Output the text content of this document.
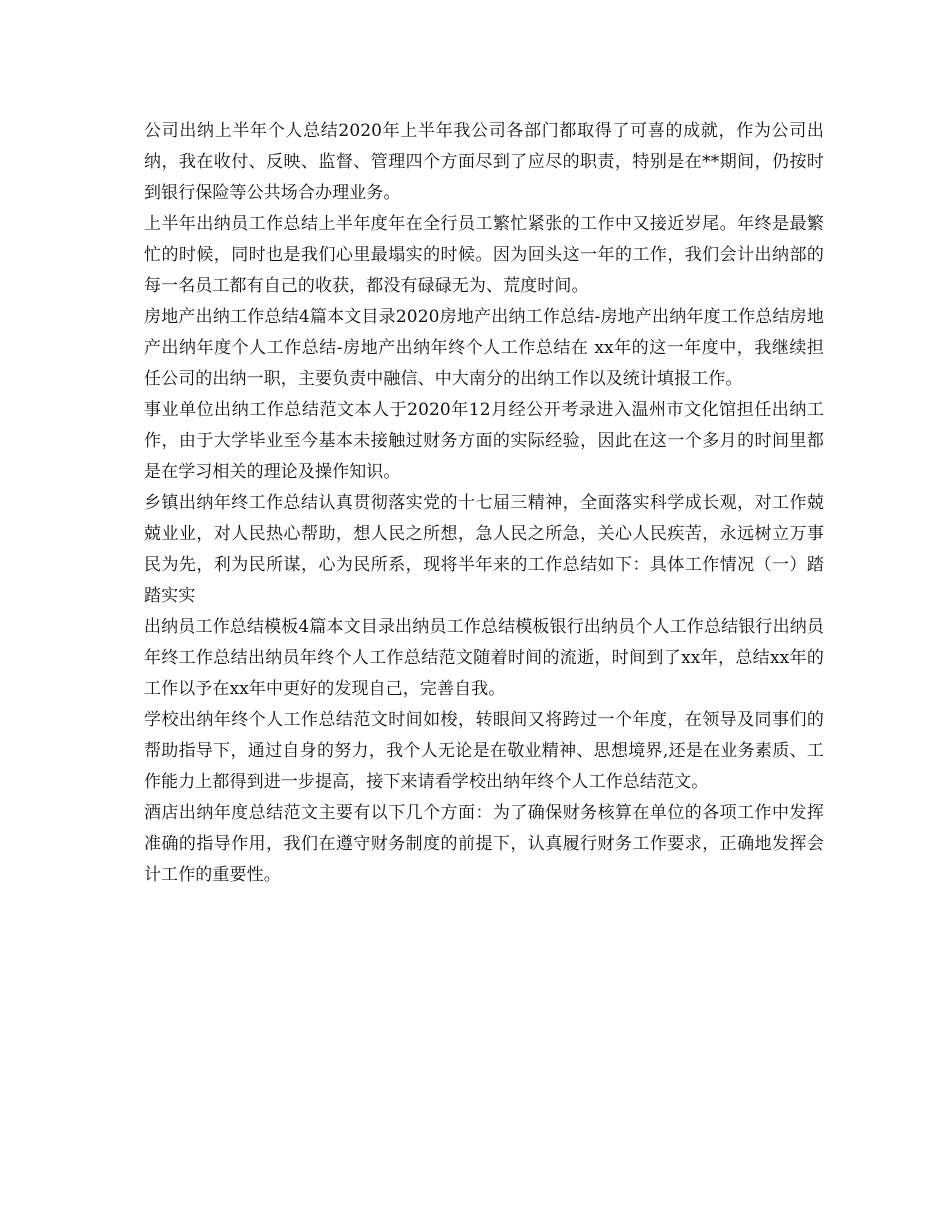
公司出纳上半年个人总结2020年上半年我公司各部门都取得了可喜的成就，作为公司出纳，我在收付、反映、监督、管理四个方面尽到了应尽的职责，特别是在**期间，仍按时到银行保险等公共场合办理业务。

上半年出纳员工作总结上半年度年在全行员工繁忙紧张的工作中又接近岁尾。年终是最繁忙的时候，同时也是我们心里最塌实的时候。因为回头这一年的工作，我们会计出纳部的每一名员工都有自己的收获，都没有碌碌无为、荒度时间。

房地产出纳工作总结4篇本文目录2020房地产出纳工作总结-房地产出纳年度工作总结房地产出纳年度个人工作总结-房地产出纳年终个人工作总结在 xx年的这一年度中，我继续担任公司的出纳一职，主要负责中融信、中大南分的出纳工作以及统计填报工作。

事业单位出纳工作总结范文本人于2020年12月经公开考录进入温州市文化馆担任出纳工作，由于大学毕业至今基本未接触过财务方面的实际经验，因此在这一个多月的时间里都是在学习相关的理论及操作知识。

乡镇出纳年终工作总结认真贯彻落实党的十七届三精神，全面落实科学成长观，对工作兢兢业业，对人民热心帮助，想人民之所想，急人民之所急，关心人民疾苦，永远树立万事民为先，利为民所谋，心为民所系，现将半年来的工作总结如下：具体工作情况（一）踏踏实实

出纳员工作总结模板4篇本文目录出纳员工作总结模板银行出纳员个人工作总结银行出纳员年终工作总结出纳员年终个人工作总结范文随着时间的流逝，时间到了xx年，总结xx年的工作以予在xx年中更好的发现自己，完善自我。

学校出纳年终个人工作总结范文时间如梭，转眼间又将跨过一个年度，在领导及同事们的帮助指导下，通过自身的努力，我个人无论是在敬业精神、思想境界,还是在业务素质、工作能力上都得到进一步提高，接下来请看学校出纳年终个人工作总结范文。

酒店出纳年度总结范文主要有以下几个方面：为了确保财务核算在单位的各项工作中发挥准确的指导作用，我们在遵守财务制度的前提下，认真履行财务工作要求，正确地发挥会计工作的重要性。
